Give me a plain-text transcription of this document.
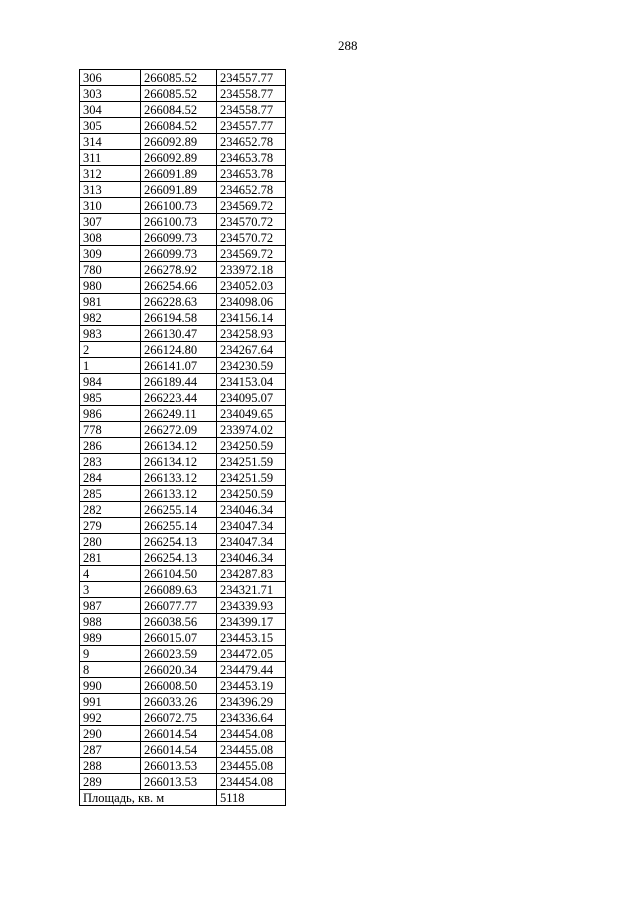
288
306	266085.52	234557.77
303	266085.52	234558.77
304	266084.52	234558.77
305	266084.52	234557.77
314	266092.89	234652.78
311	266092.89	234653.78
312	266091.89	234653.78
313	266091.89	234652.78
310	266100.73	234569.72
307	266100.73	234570.72
308	266099.73	234570.72
309	266099.73	234569.72
780	266278.92	233972.18
980	266254.66	234052.03
981	266228.63	234098.06
982	266194.58	234156.14
983	266130.47	234258.93
2	266124.80	234267.64
1	266141.07	234230.59
984	266189.44	234153.04
985	266223.44	234095.07
986	266249.11	234049.65
778	266272.09	233974.02
286	266134.12	234250.59
283	266134.12	234251.59
284	266133.12	234251.59
285	266133.12	234250.59
282	266255.14	234046.34
279	266255.14	234047.34
280	266254.13	234047.34
281	266254.13	234046.34
4	266104.50	234287.83
3	266089.63	234321.71
987	266077.77	234339.93
988	266038.56	234399.17
989	266015.07	234453.15
9	266023.59	234472.05
8	266020.34	234479.44
990	266008.50	234453.19
991	266033.26	234396.29
992	266072.75	234336.64
290	266014.54	234454.08
287	266014.54	234455.08
288	266013.53	234455.08
289	266013.53	234454.08
Площадь, кв. м		5118
